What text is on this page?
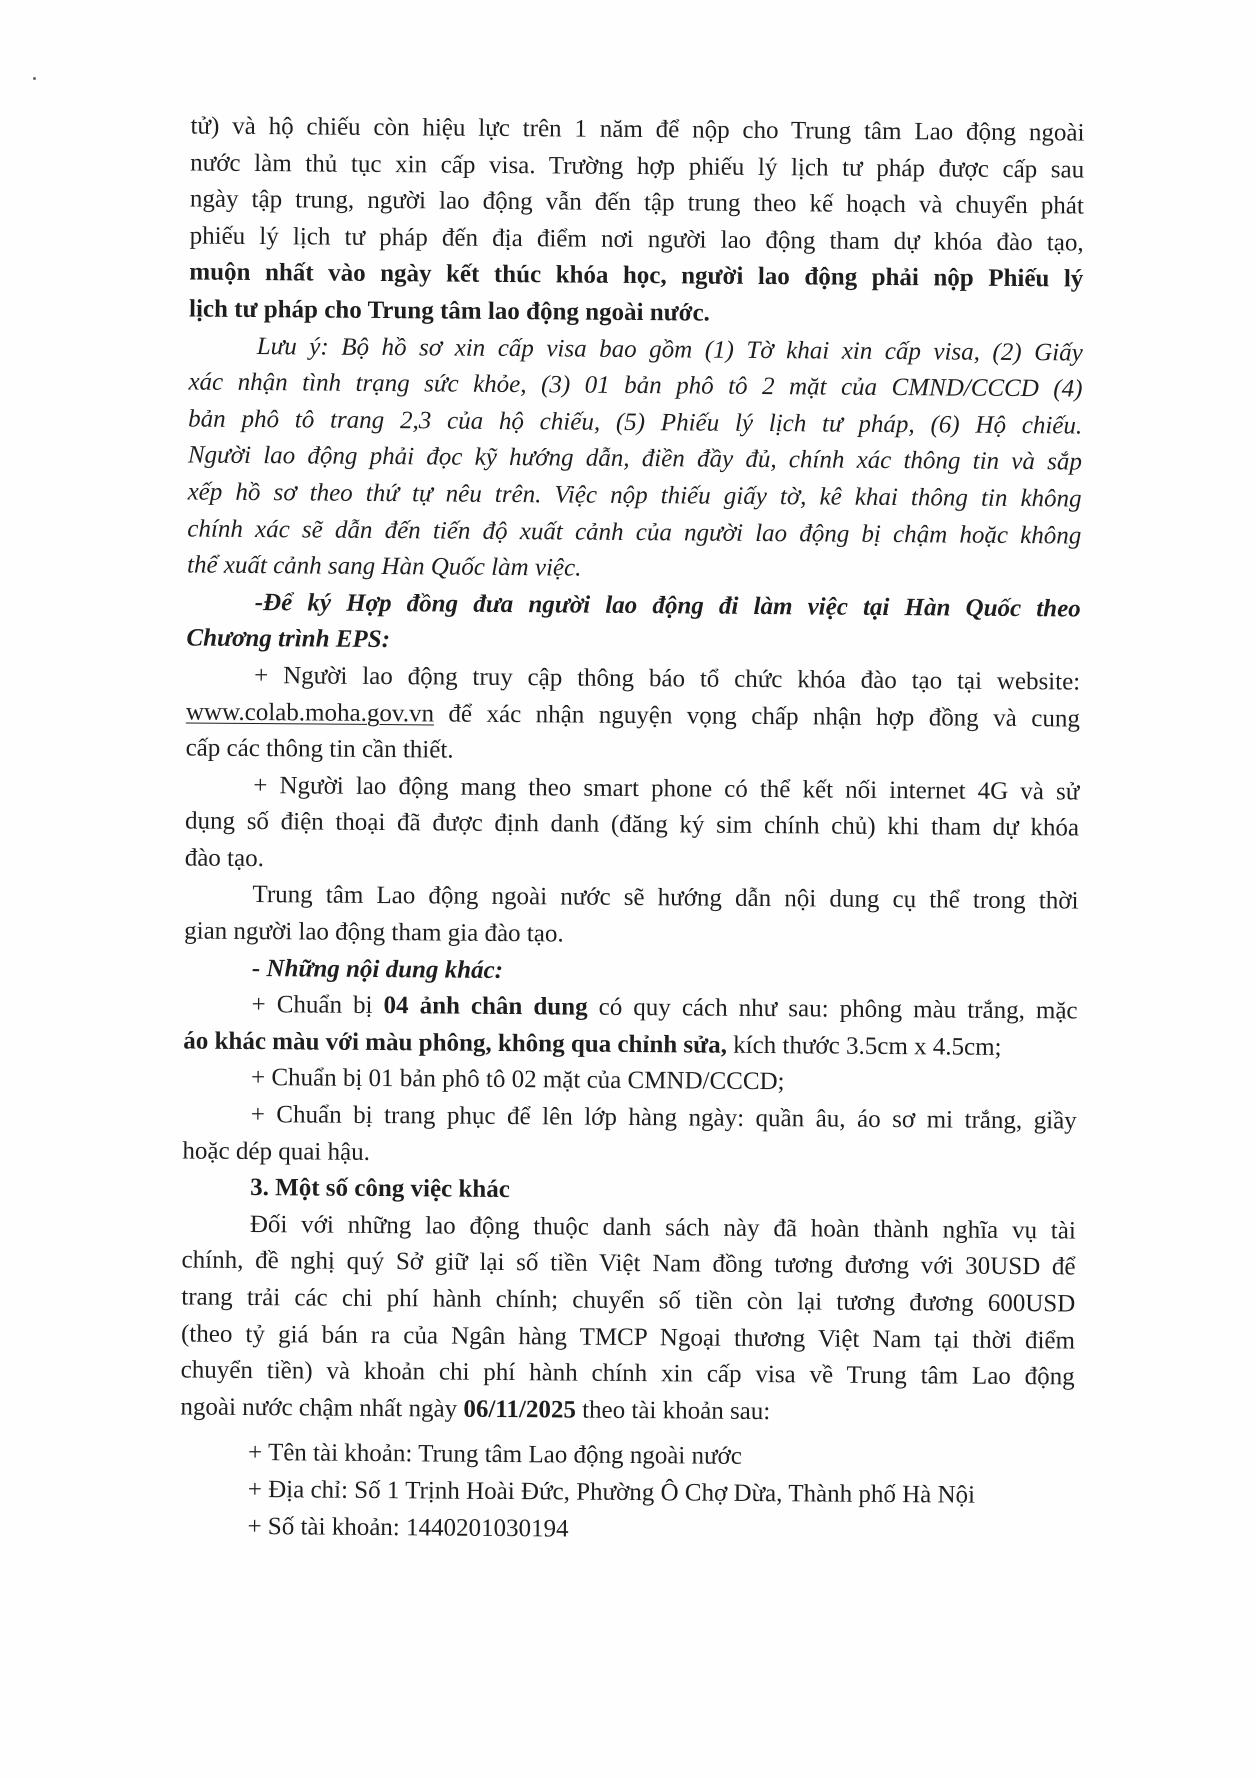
tử) và hộ chiếu còn hiệu lực trên 1 năm để nộp cho Trung tâm Lao động ngoài
nước làm thủ tục xin cấp visa. Trường hợp phiếu lý lịch tư pháp được cấp sau
ngày tập trung, người lao động vẫn đến tập trung theo kế hoạch và chuyển phát
phiếu lý lịch tư pháp đến địa điểm nơi người lao động tham dự khóa đào tạo,
muộn nhất vào ngày kết thúc khóa học, người lao động phải nộp Phiếu lý
lịch tư pháp cho Trung tâm lao động ngoài nước.
Lưu ý: Bộ hồ sơ xin cấp visa bao gồm (1) Tờ khai xin cấp visa, (2) Giấy
xác nhận tình trạng sức khỏe, (3) 01 bản phô tô 2 mặt của CMND/CCCD (4)
bản phô tô trang 2,3 của hộ chiếu, (5) Phiếu lý lịch tư pháp, (6) Hộ chiếu.
Người lao động phải đọc kỹ hướng dẫn, điền đầy đủ, chính xác thông tin và sắp
xếp hồ sơ theo thứ tự nêu trên. Việc nộp thiếu giấy tờ, kê khai thông tin không
chính xác sẽ dẫn đến tiến độ xuất cảnh của người lao động bị chậm hoặc không
thể xuất cảnh sang Hàn Quốc làm việc.
-Để ký Hợp đồng đưa người lao động đi làm việc tại Hàn Quốc theo
Chương trình EPS:
+ Người lao động truy cập thông báo tổ chức khóa đào tạo tại website:
www.colab.moha.gov.vn để xác nhận nguyện vọng chấp nhận hợp đồng và cung
cấp các thông tin cần thiết.
+ Người lao động mang theo smart phone có thể kết nối internet 4G và sử
dụng số điện thoại đã được định danh (đăng ký sim chính chủ) khi tham dự khóa
đào tạo.
Trung tâm Lao động ngoài nước sẽ hướng dẫn nội dung cụ thể trong thời
gian người lao động tham gia đào tạo.
- Những nội dung khác:
+ Chuẩn bị 04 ảnh chân dung có quy cách như sau: phông màu trắng, mặc
áo khác màu với màu phông, không qua chỉnh sửa, kích thước 3.5cm x 4.5cm;
+ Chuẩn bị 01 bản phô tô 02 mặt của CMND/CCCD;
+ Chuẩn bị trang phục để lên lớp hàng ngày: quần âu, áo sơ mi trắng, giầy
hoặc dép quai hậu.
3. Một số công việc khác
Đối với những lao động thuộc danh sách này đã hoàn thành nghĩa vụ tài
chính, đề nghị quý Sở giữ lại số tiền Việt Nam đồng tương đương với 30USD để
trang trải các chi phí hành chính; chuyển số tiền còn lại tương đương 600USD
(theo tỷ giá bán ra của Ngân hàng TMCP Ngoại thương Việt Nam tại thời điểm
chuyển tiền) và khoản chi phí hành chính xin cấp visa về Trung tâm Lao động
ngoài nước chậm nhất ngày 06/11/2025 theo tài khoản sau:
+ Tên tài khoản: Trung tâm Lao động ngoài nước
+ Địa chỉ: Số 1 Trịnh Hoài Đức, Phường Ô Chợ Dừa, Thành phố Hà Nội
+ Số tài khoản: 1440201030194
